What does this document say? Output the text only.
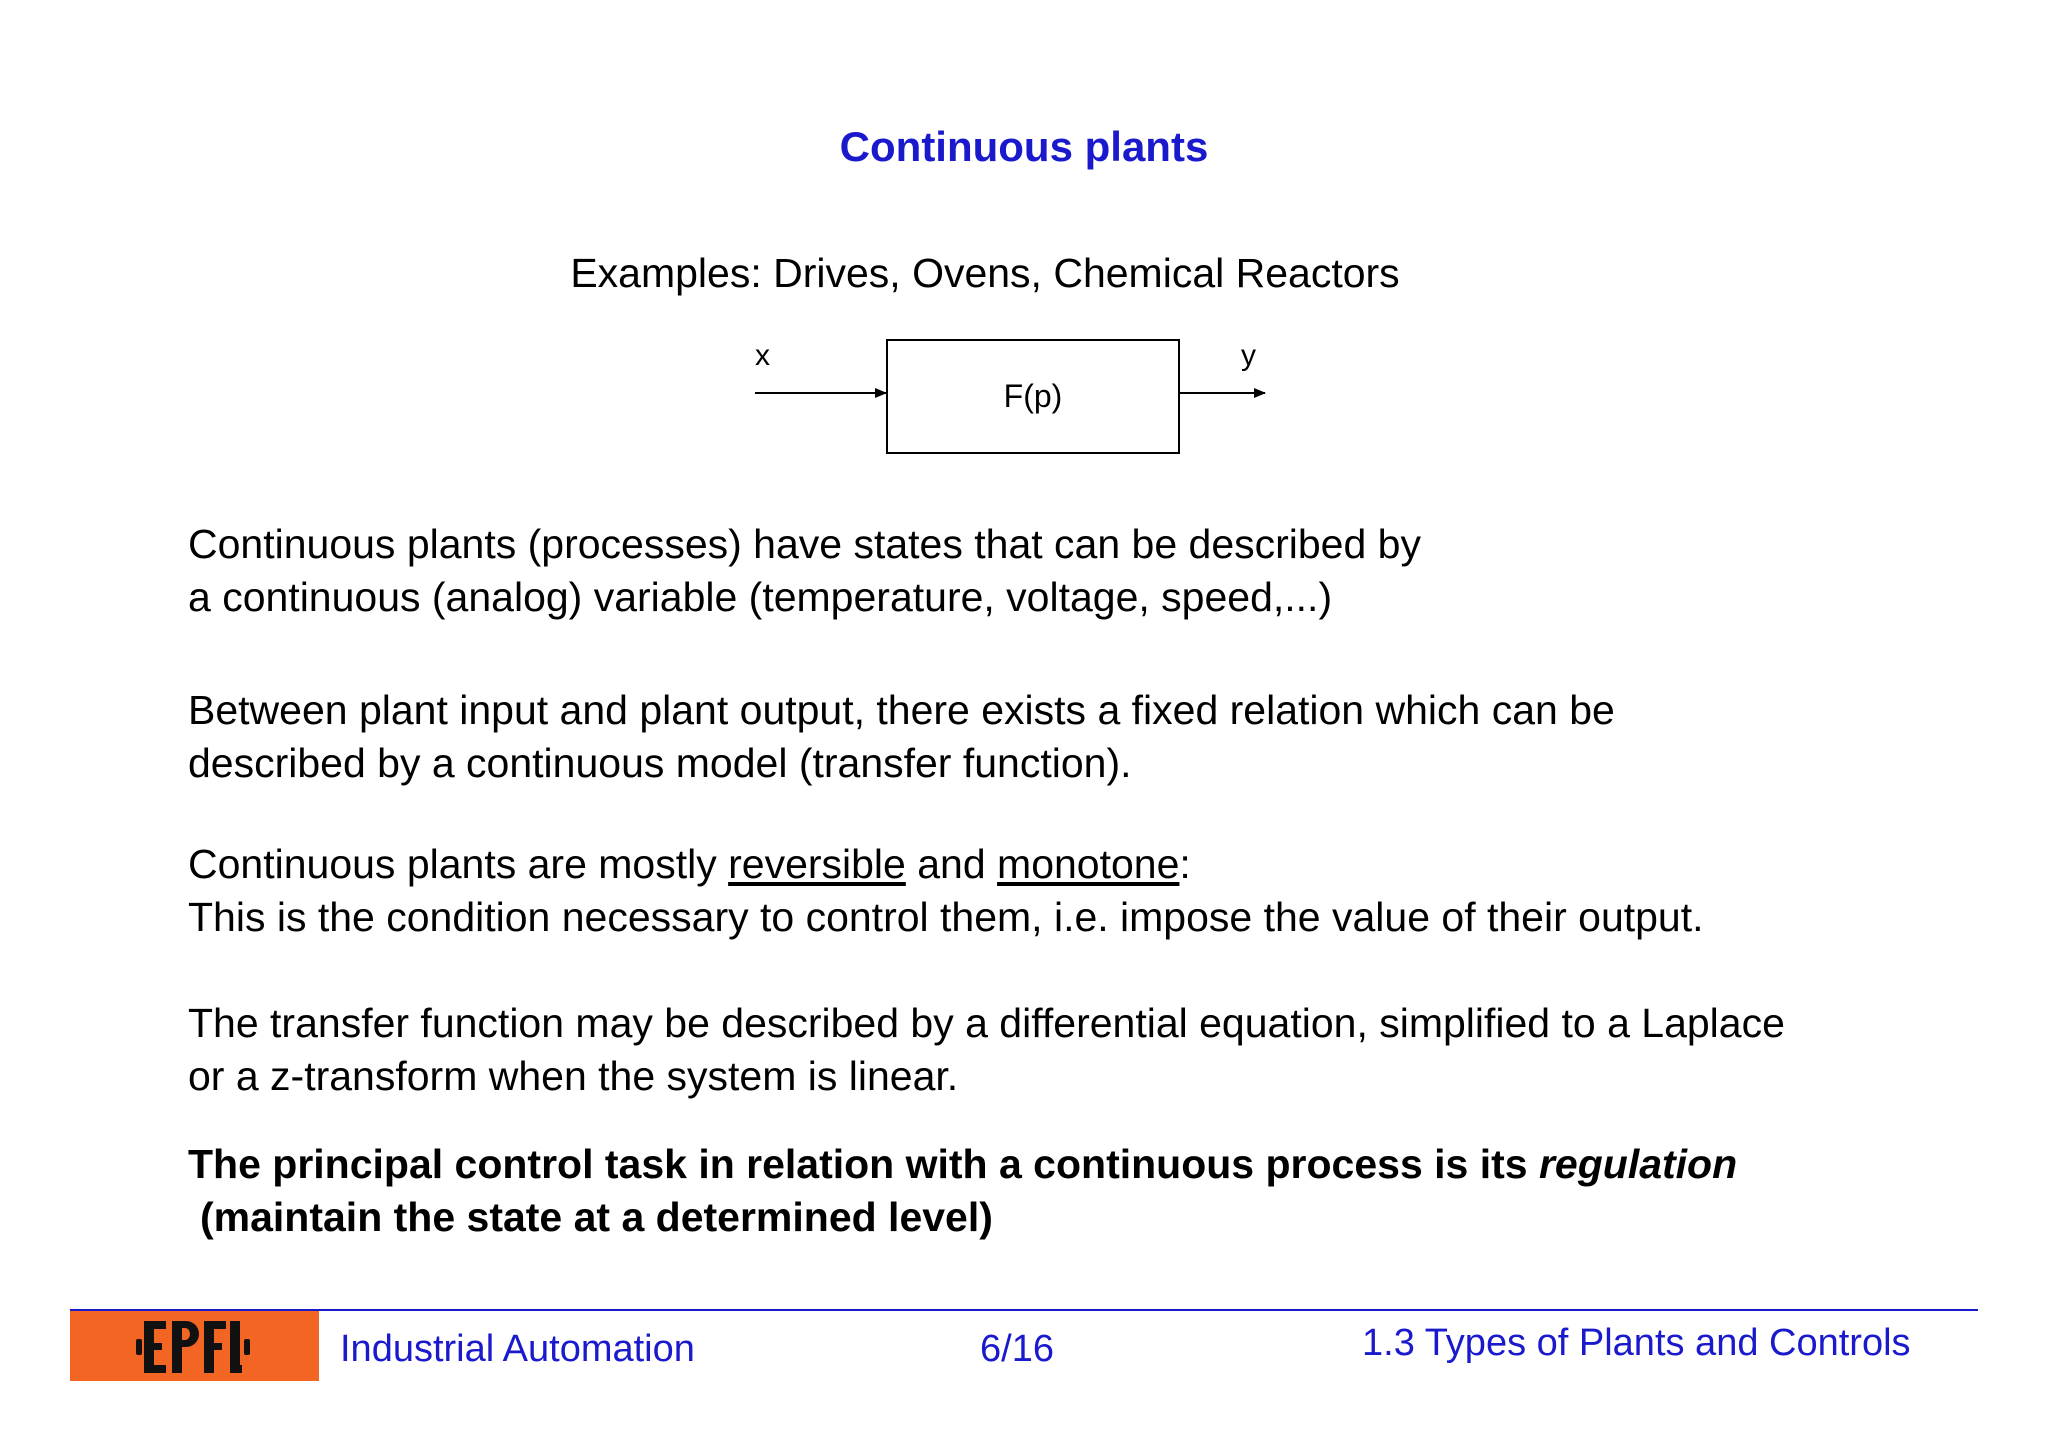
Continuous plants
Examples: Drives, Ovens, Chemical Reactors
x
F(p)
y
Continuous plants (processes) have states that can be described by
a continuous (analog) variable (temperature, voltage, speed,...)
Between plant input and plant output, there exists a fixed relation which can be
described by a continuous model (transfer function).
Continuous plants are mostly reversible and monotone:
This is the condition necessary to control them, i.e. impose the value of their output.
The transfer function may be described by a differential equation, simplified to a Laplace
or a z-transform when the system is linear.
The principal control task in relation with a continuous process is its regulation
(maintain the state at a determined level)
Industrial Automation	6/16	1.3 Types of Plants and Controls
